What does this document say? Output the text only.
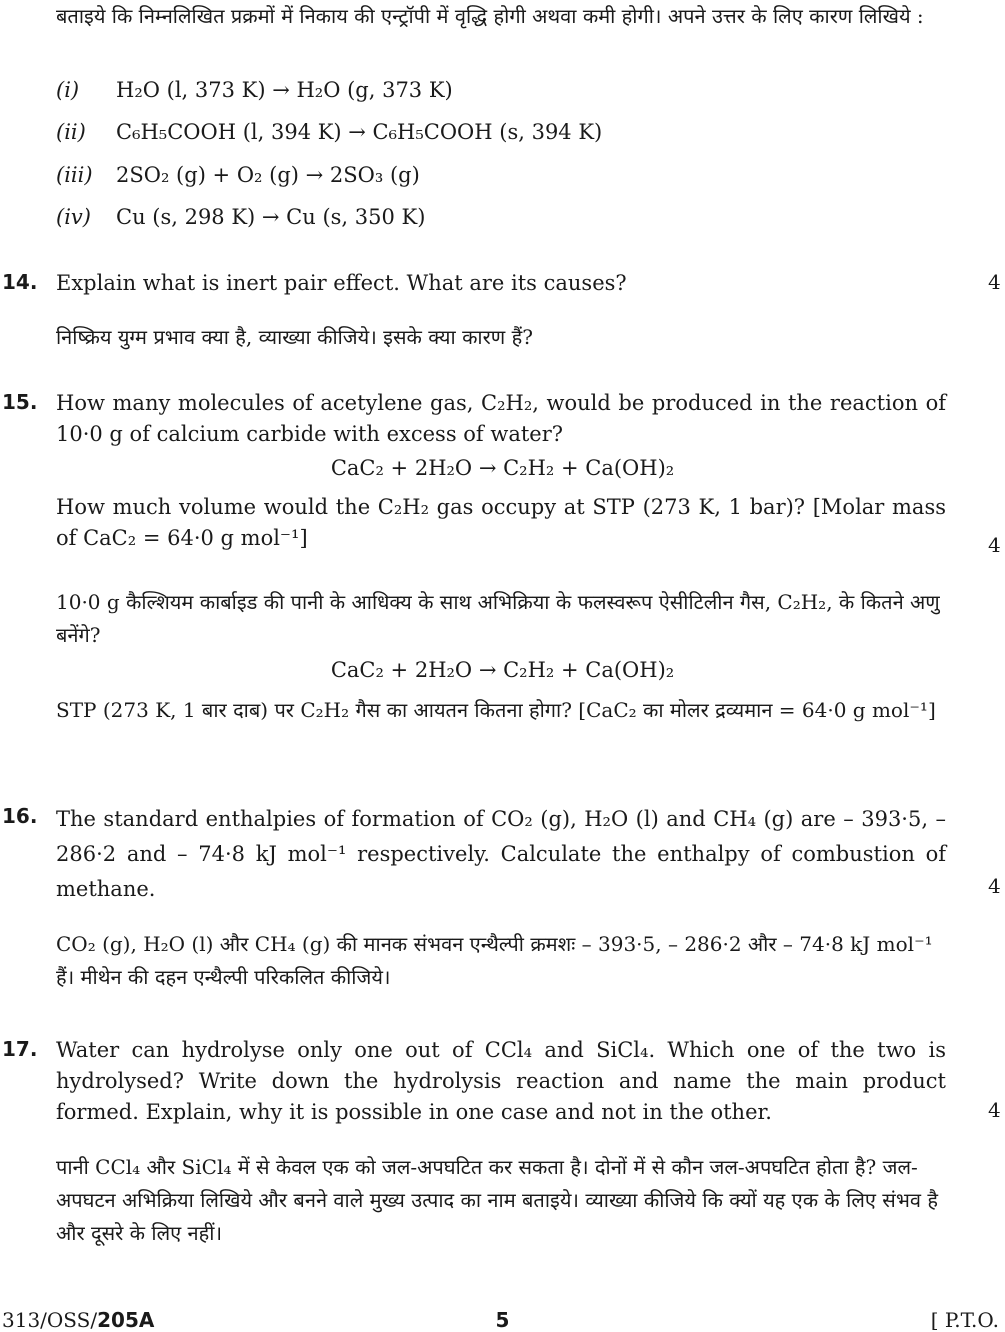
बताइये कि निम्नलिखित प्रक्रमों में निकाय की एन्ट्रॉपी में वृद्धि होगी अथवा कमी होगी। अपने उत्तर के लिए कारण लिखिये :
(i) H₂O (l, 373 K) → H₂O (g, 373 K)
(ii) C₆H₅COOH (l, 394 K) → C₆H₅COOH (s, 394 K)
(iii) 2SO₂ (g) + O₂ (g) → 2SO₃ (g)
(iv) Cu (s, 298 K) → Cu (s, 350 K)
14. Explain what is inert pair effect. What are its causes?	4
निष्क्रिय युग्म प्रभाव क्या है, व्याख्या कीजिये। इसके क्या कारण हैं?
15. How many molecules of acetylene gas, C₂H₂, would be produced in the reaction of 10·0 g of calcium carbide with excess of water?
CaC₂ + 2H₂O → C₂H₂ + Ca(OH)₂
How much volume would the C₂H₂ gas occupy at STP (273 K, 1 bar)? [Molar mass of CaC₂ = 64·0 g mol⁻¹]	4
10·0 g कैल्शियम कार्बाइड की पानी के आधिक्य के साथ अभिक्रिया के फलस्वरूप ऐसीटिलीन गैस, C₂H₂, के कितने अणु बनेंगे?
CaC₂ + 2H₂O → C₂H₂ + Ca(OH)₂
STP (273 K, 1 बार दाब) पर C₂H₂ गैस का आयतन कितना होगा? [CaC₂ का मोलर द्रव्यमान = 64·0 g mol⁻¹]
16. The standard enthalpies of formation of CO₂ (g), H₂O (l) and CH₄ (g) are – 393·5, – 286·2 and – 74·8 kJ mol⁻¹ respectively. Calculate the enthalpy of combustion of methane.	4
CO₂ (g), H₂O (l) और CH₄ (g) की मानक संभवन एन्थैल्पी क्रमशः – 393·5, – 286·2 और – 74·8 kJ mol⁻¹ हैं। मीथेन की दहन एन्थैल्पी परिकलित कीजिये।
17. Water can hydrolyse only one out of CCl₄ and SiCl₄. Which one of the two is hydrolysed? Write down the hydrolysis reaction and name the main product formed. Explain, why it is possible in one case and not in the other.	4
पानी CCl₄ और SiCl₄ में से केवल एक को जल-अपघटित कर सकता है। दोनों में से कौन जल-अपघटित होता है? जल-अपघटन अभिक्रिया लिखिये और बनने वाले मुख्य उत्पाद का नाम बताइये। व्याख्या कीजिये कि क्यों यह एक के लिए संभव है और दूसरे के लिए नहीं।
313/OSS/205A	5	[ P.T.O.
